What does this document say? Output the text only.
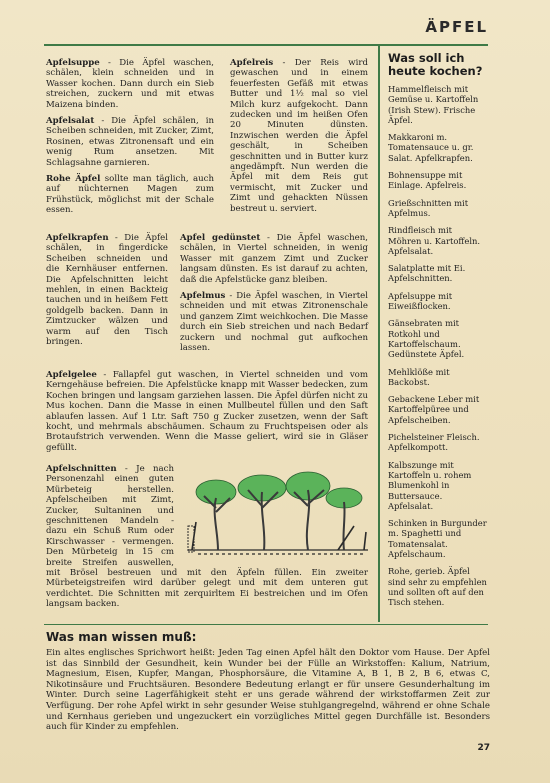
ÄPFEL

Apfelsuppe - Die Äpfel waschen, schälen, klein schneiden und in Wasser kochen. Dann durch ein Sieb streichen, zuckern und mit etwas Maizena binden.

Apfelsalat - Die Äpfel schälen, in Scheiben schneiden, mit Zucker, Zimt, Rosinen, etwas Zitronensaft und ein wenig Rum ansetzen. Mit Schlagsahne garnieren.

Rohe Äpfel sollte man täglich, auch auf nüchternen Magen zum Frühstück, möglichst mit der Schale essen.

Apfelreis - Der Reis wird gewaschen und in einem feuerfesten Gefäß mit etwas Butter und 1½ mal so viel Milch kurz aufgekocht. Dann zudecken und im heißen Ofen 20 Minuten dünsten. Inzwischen werden die Äpfel geschält, in Scheiben geschnitten und in Butter kurz angedämpft. Nun werden die Äpfel mit dem Reis gut vermischt, mit Zucker und Zimt und gehackten Nüssen bestreut u. serviert.

Apfelkrapfen - Die Äpfel schälen, in fingerdicke Scheiben schneiden und die Kernhäuser entfernen. Die Apfelschnitten leicht mehlen, in einen Backteig tauchen und in heißem Fett goldgelb backen. Dann in Zimtzucker wälzen und warm auf den Tisch bringen.

Apfel gedünstet - Die Äpfel waschen, schälen, in Viertel schneiden, in wenig Wasser mit ganzem Zimt und Zucker langsam dünsten. Es ist darauf zu achten, daß die Apfelstücke ganz bleiben.

Apfelmus - Die Äpfel waschen, in Viertel schneiden und mit etwas Zitronenschale und ganzem Zimt weichkochen. Die Masse durch ein Sieb streichen und nach Bedarf zuckern und nochmal gut aufkochen lassen.

Apfelgelee - Fallapfel gut waschen, in Viertel schneiden und vom Kerngehäuse befreien. Die Apfelstücke knapp mit Wasser bedecken, zum Kochen bringen und langsam garziehen lassen. Die Äpfel dürfen nicht zu Mus kochen. Dann die Masse in einen Mullbeutel füllen und den Saft ablaufen lassen. Auf 1 Ltr. Saft 750 g Zucker zusetzen, wenn der Saft kocht, und mehrmals abschäumen. Schaum zu Fruchtspeisen oder als Brotaufstrich verwenden. Wenn die Masse geliert, wird sie in Gläser gefüllt.

Apfelschnitten - Je nach Personenzahl einen guten Mürbeteig herstellen. Apfelscheiben mit Zimt, Zucker, Sultaninen und geschnittenen Mandeln - dazu ein Schuß Rum oder Kirschwasser - vermengen. Den Mürbeteig in 15 cm breite Streifen auswellen, mit Brösel bestreuen und mit den Äpfeln füllen. Ein zweiter Mürbeteigstreifen wird darüber gelegt und mit dem unteren gut verdichtet. Die Schnitten mit zerquirltem Ei bestreichen und im Ofen langsam backen.

Was soll ich
heute kochen?
Hammelfleisch mit Gemüse u. Kartoffeln (Irish Stew). Frische Äpfel.
Makkaroni m. Tomatensauce u. gr. Salat. Apfelkrapfen.
Bohnensuppe mit Einlage. Apfelreis.
Grießschnitten mit Apfelmus.
Rindfleisch mit Möhren u. Kartoffeln. Apfelsalat.
Salatplatte mit Ei. Apfelschnitten.
Apfelsuppe mit Eiweißflocken.
Gänsebraten mit Rotkohl und Kartoffelschaum. Gedünstete Äpfel.
Mehlklöße mit Backobst.
Gebackene Leber mit Kartoffelpüree und Apfelscheiben.
Pichelsteiner Fleisch. Apfelkompott.
Kalbszunge mit Kartoffeln u. rohem Blumenkohl in Buttersauce. Apfelsalat.
Schinken in Burgunder m. Spaghetti und Tomatensalat. Apfelschaum.
Rohe, gerieb. Äpfel sind sehr zu empfehlen und sollten oft auf den Tisch stehen.
Was man wissen muß:
Ein altes englisches Sprichwort heißt: Jeden Tag einen Apfel hält den Doktor vom Hause. Der Apfel ist das Sinnbild der Gesundheit, kein Wunder bei der Fülle an Wirkstoffen: Kalium, Natrium, Magnesium, Eisen, Kupfer, Mangan, Phosphorsäure, die Vitamine A, B 1, B 2, B 6, etwas C, Nikotinsäure und Fruchtsäuren. Besondere Bedeutung erlangt er für unsere Gesunderhaltung im Winter. Durch seine Lagerfähigkeit steht er uns gerade während der wirkstoffarmen Zeit zur Verfügung. Der rohe Apfel wirkt in sehr gesunder Weise stuhlgangregelnd, während er ohne Schale und Kernhaus gerieben und ungezuckert ein vorzügliches Mittel gegen Durchfälle ist. Besonders auch für Kinder zu empfehlen.
27
